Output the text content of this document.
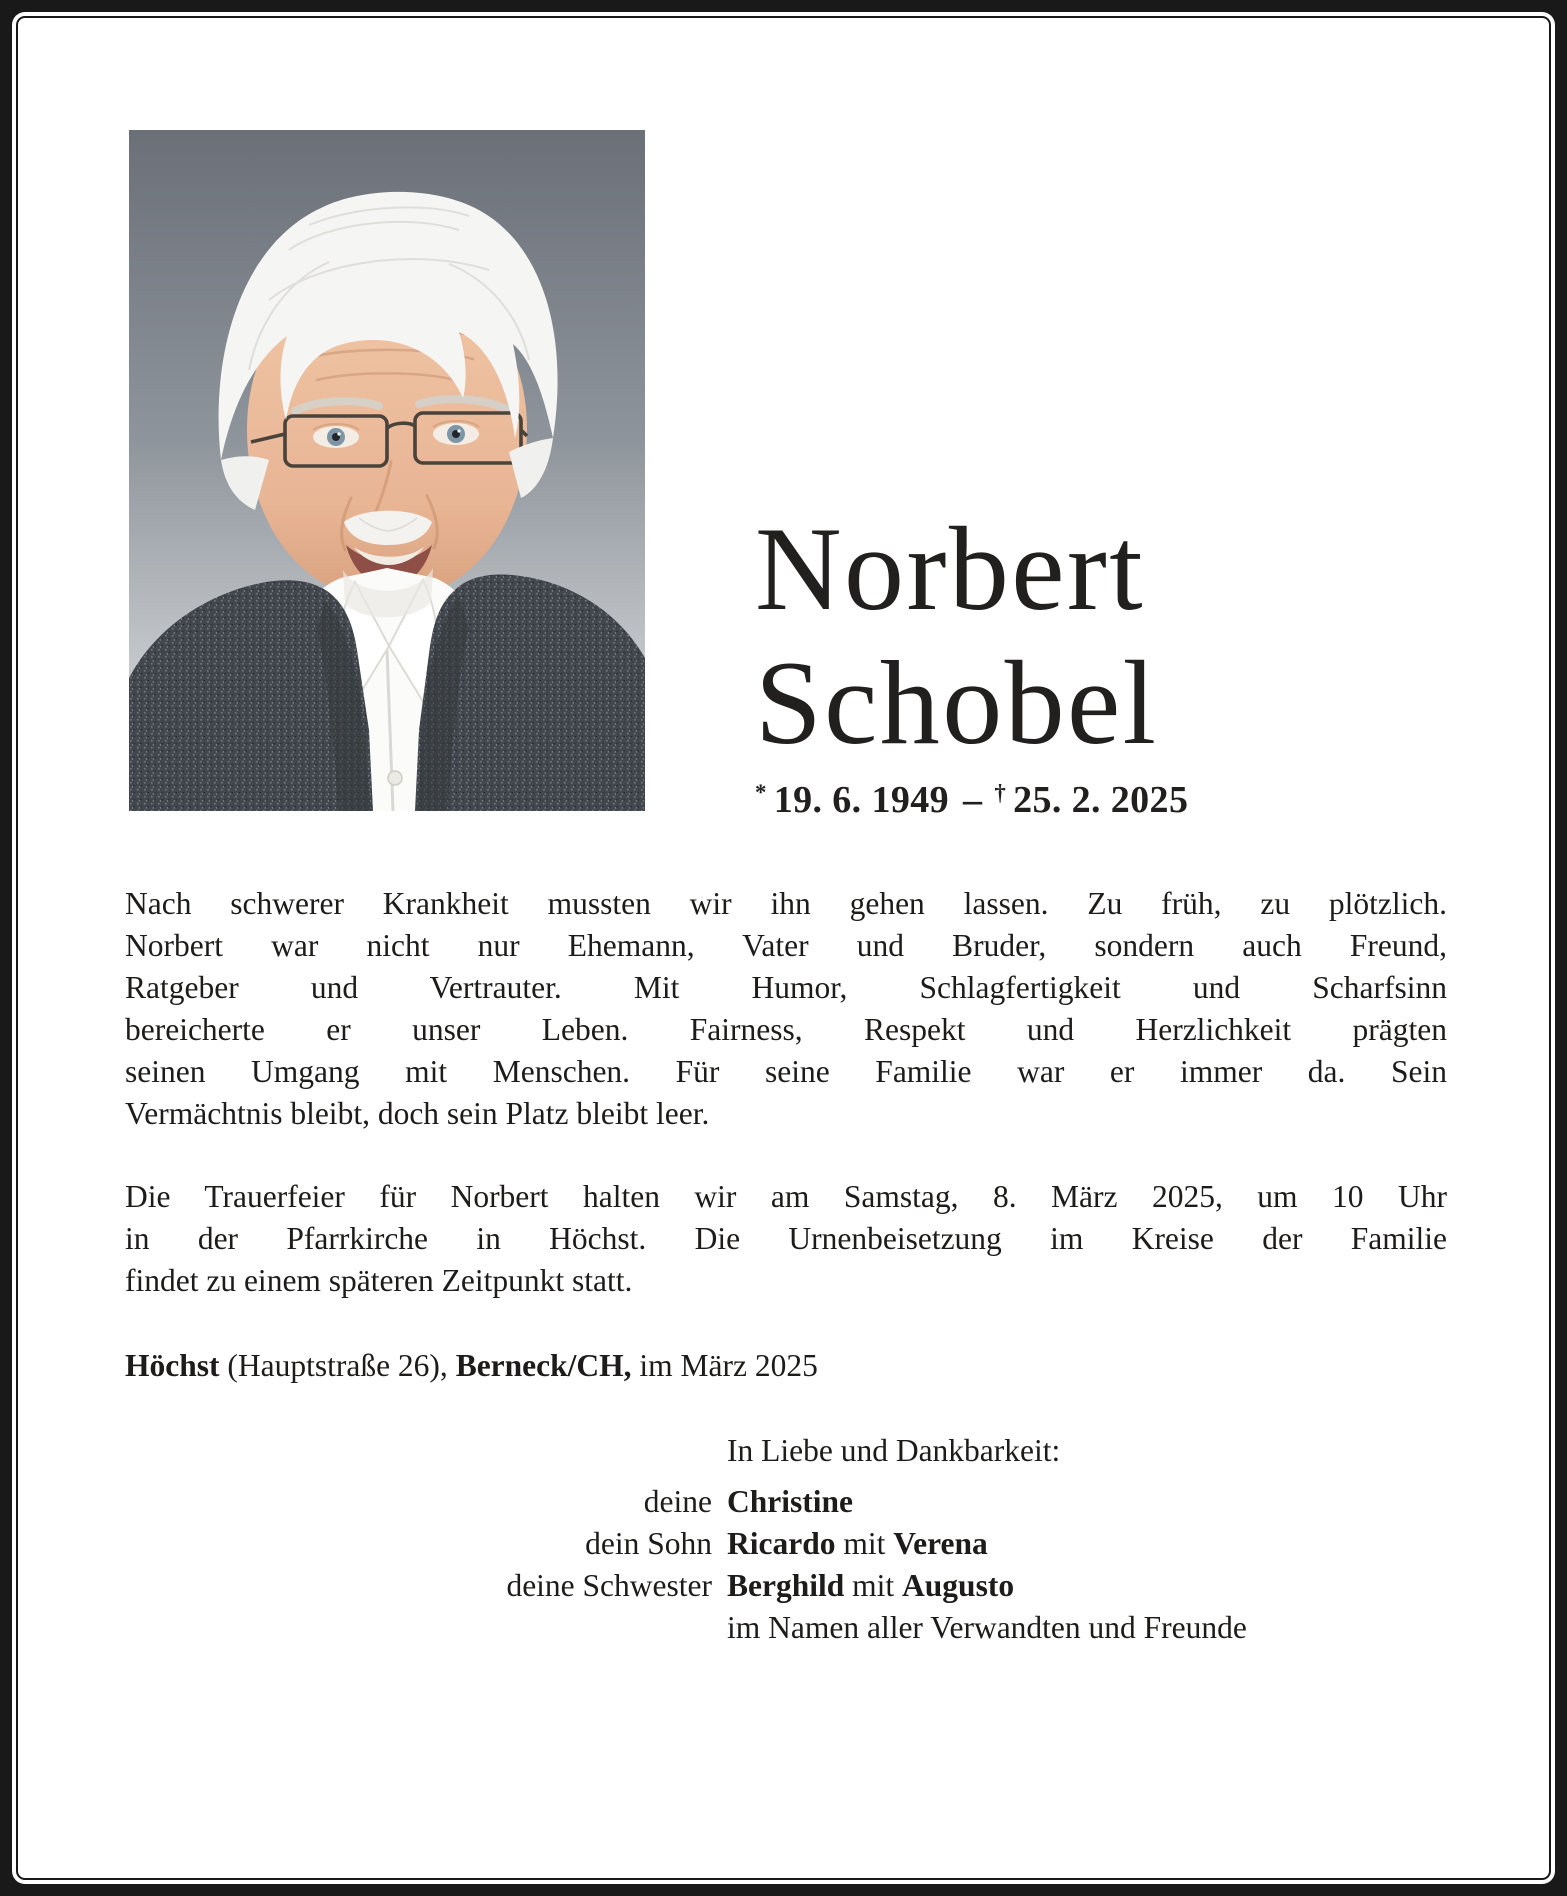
Norbert
Schobel
* 19. 6. 1949 – † 25. 2. 2025
Nach schwerer Krankheit mussten wir ihn gehen lassen. Zu früh, zu plötzlich.
Norbert war nicht nur Ehemann, Vater und Bruder, sondern auch Freund,
Ratgeber und Vertrauter. Mit Humor, Schlagfertigkeit und Scharfsinn
bereicherte er unser Leben. Fairness, Respekt und Herzlichkeit prägten
seinen Umgang mit Menschen. Für seine Familie war er immer da. Sein
Vermächtnis bleibt, doch sein Platz bleibt leer.
Die Trauerfeier für Norbert halten wir am Samstag, 8. März 2025, um 10 Uhr
in der Pfarrkirche in Höchst. Die Urnenbeisetzung im Kreise der Familie
findet zu einem späteren Zeitpunkt statt.
Höchst (Hauptstraße 26), Berneck/CH, im März 2025
In Liebe und Dankbarkeit:
deine Christine
dein Sohn Ricardo mit Verena
deine Schwester Berghild mit Augusto
im Namen aller Verwandten und Freunde
